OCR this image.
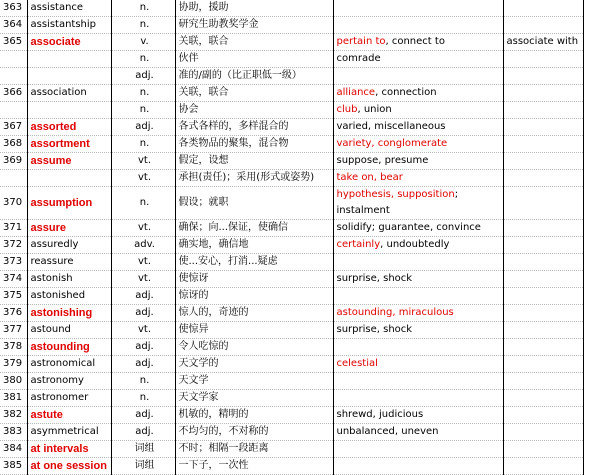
363	assistance	n.	协助，援助		
364	assistantship	n.	研究生助教奖学金		
365	associate	v.	关联，联合	pertain to, connect to	associate with
		n.	伙伴	comrade	
		adj.	准的/副的（比正职低一级）		
366	association	n.	关联，联合	alliance, connection	
		n.	协会	club, union	
367	assorted	adj.	各式各样的，多样混合的	varied, miscellaneous	
368	assortment	n.	各类物品的聚集，混合物	variety, conglomerate	
369	assume	vt.	假定，设想	suppose, presume	
		vt.	承担(责任)；采用(形式或姿势)	take on, bear	
370	assumption	n.	假设；就职	hypothesis, supposition;
instalment	
371	assure	vt.	确保；向...保证，使确信	solidify; guarantee, convince	
372	assuredly	adv.	确实地，确信地	certainly, undoubtedly	
373	reassure	vt.	使...安心，打消...疑虑		
374	astonish	vt.	使惊讶	surprise, shock	
375	astonished	adj.	惊讶的		
376	astonishing	adj.	惊人的，奇迹的	astounding, miraculous	
377	astound	vt.	使惊异	surprise, shock	
378	astounding	adj.	令人吃惊的		
379	astronomical	adj.	天文学的	celestial	
380	astronomy	n.	天文学		
381	astronomer	n.	天文学家		
382	astute	adj.	机敏的，精明的	shrewd, judicious	
383	asymmetrical	adj.	不均匀的，不对称的	unbalanced, uneven	
384	at intervals	词组	不时；相隔一段距离		
385	at one session	词组	一下子，一次性		
